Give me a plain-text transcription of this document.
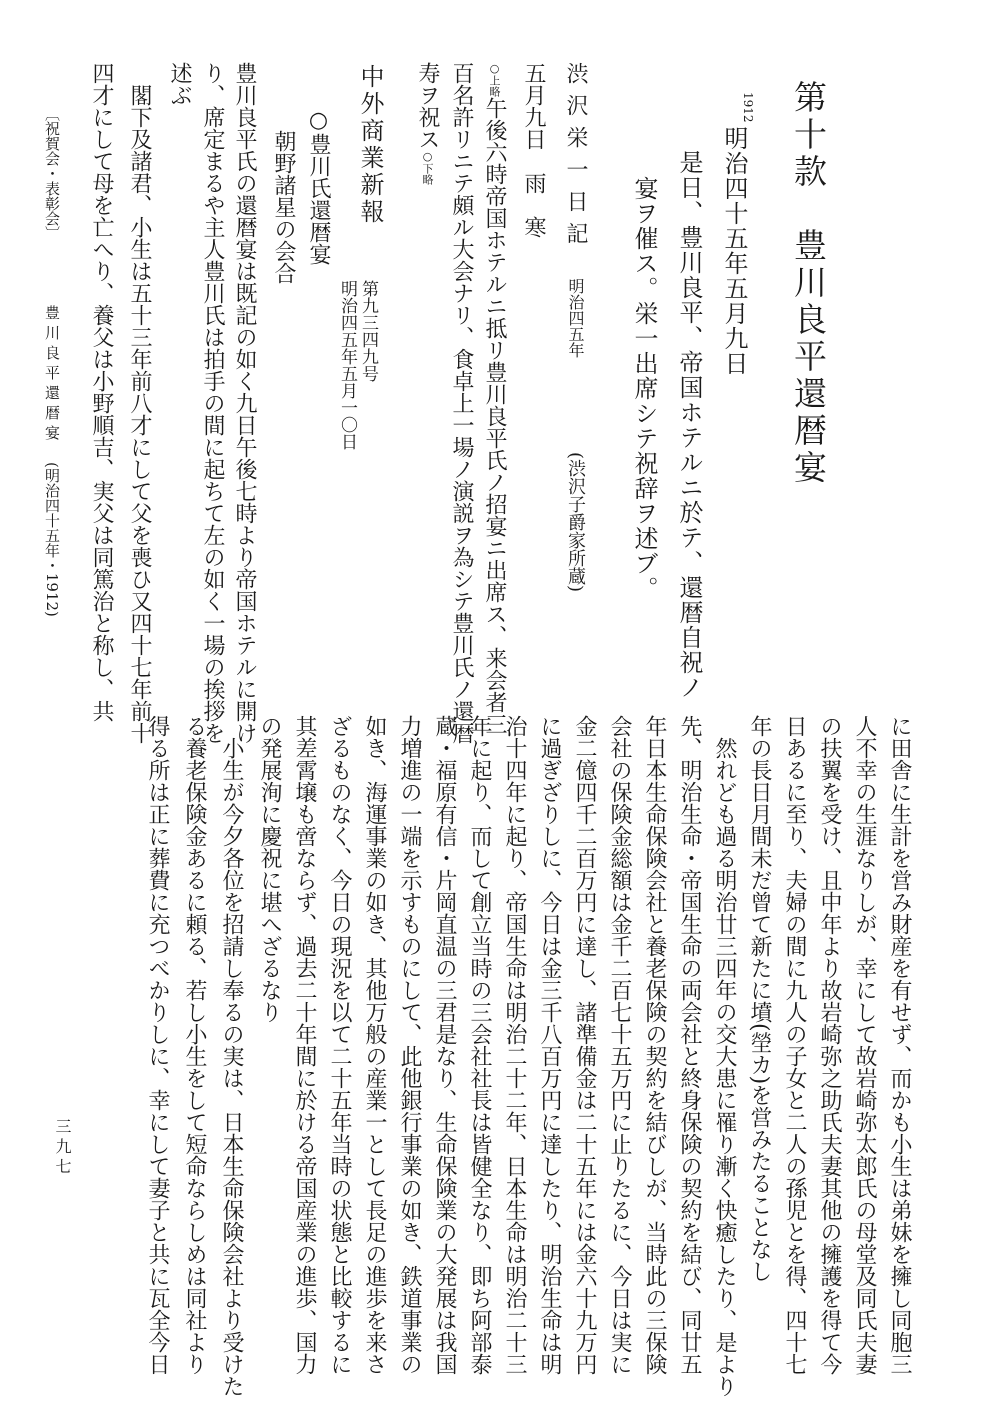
第十款　豊川良平還暦宴
1912
明治四十五年五月九日
是日、豊川良平、帝国ホテルニ於テ、還暦自祝ノ
宴ヲ催ス。栄一出席シテ祝辞ヲ述ブ。
渋沢栄一日記
明治四五年
(渋沢子爵家所蔵)
五月九日　雨　寒
○上略午後六時帝国ホテルニ抵リ豊川良平氏ノ招宴ニ出席ス、来会者三
百名許リニテ頗ル大会ナリ、食卓上一場ノ演説ヲ為シテ豊川氏ノ還暦
寿ヲ祝ス○下略
中外商業新報
第九三四九号
明治四五年五月一〇日
○豊川氏還暦宴
朝野諸星の会合
豊川良平氏の還暦宴は既記の如く九日午後七時より帝国ホテルに開け
り、席定まるや主人豊川氏は拍手の間に起ちて左の如く一場の挨拶を
述ぶ
　閣下及諸君、小生は五十三年前八才にして父を喪ひ又四十七年前十
四才にして母を亡へり、養父は小野順吉、実父は同篤治と称し、共
〔祝賀会・表彰会〕
豊川良平還暦宴
(明治四十五年・1912)
に田舎に生計を営み財産を有せず、而かも小生は弟妹を擁し同胞三
人不幸の生涯なりしが、幸にして故岩崎弥太郎氏の母堂及同氏夫妻
の扶翼を受け、且中年より故岩崎弥之助氏夫妻其他の擁護を得て今
日あるに至り、夫婦の間に九人の子女と二人の孫児とを得、四十七
年の長日月間未だ曾て新たに墳(塋カ)を営みたることなし
　然れども過る明治廿三四年の交大患に罹り漸く快癒したり、是より
先、明治生命・帝国生命の両会社と終身保険の契約を結び、同廿五
年日本生命保険会社と養老保険の契約を結びしが、当時此の三保険
会社の保険金総額は金千二百七十五万円に止りたるに、今日は実に
金二億四千二百万円に達し、諸準備金は二十五年には金六十九万円
に過ぎざりしに、今日は金三千八百万円に達したり、明治生命は明
治十四年に起り、帝国生命は明治二十二年、日本生命は明治二十三
年に起り、而して創立当時の三会社社長は皆健全なり、即ち阿部泰
蔵・福原有信・片岡直温の三君是なり、生命保険業の大発展は我国
力増進の一端を示すものにして、此他銀行事業の如き、鉄道事業の
如き、海運事業の如き、其他万般の産業一として長足の進歩を来さ
ざるものなく、今日の現況を以て二十五年当時の状態と比較するに
其差霄壌も啻ならず、過去二十年間に於ける帝国産業の進歩、国力
の発展洵に慶祝に堪へざるなり
　小生が今夕各位を招請し奉るの実は、日本生命保険会社より受けた
る養老保険金あるに頼る、若し小生をして短命ならしめは同社より
得る所は正に葬費に充つべかりしに、幸にして妻子と共に瓦全今日
三九七
